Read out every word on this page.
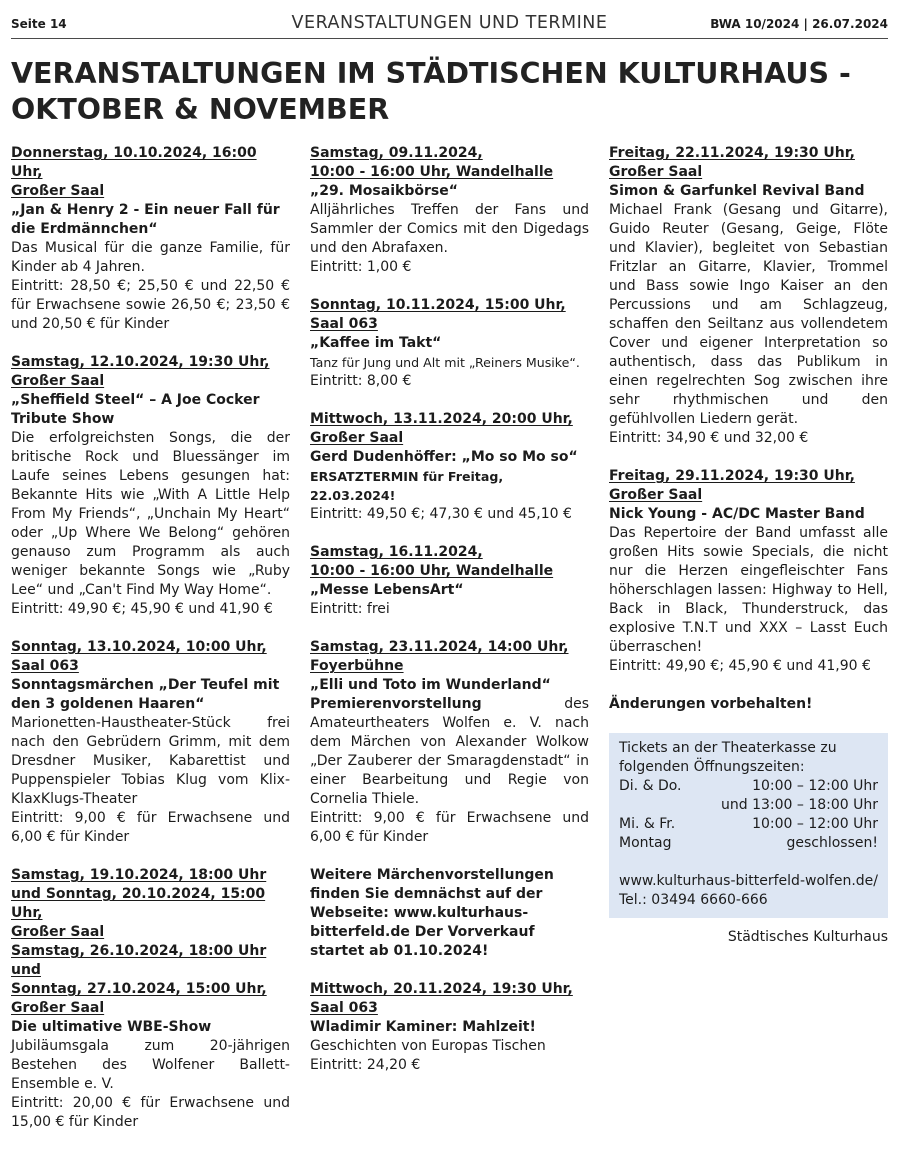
Seite 14	VERANSTALTUNGEN UND TERMINE	BWA 10/2024 | 26.07.2024
VERANSTALTUNGEN IM STÄDTISCHEN KULTURHAUS -
OKTOBER & NOVEMBER
Donnerstag, 10.10.2024, 16:00 Uhr,
Großer Saal
„Jan & Henry 2 - Ein neuer Fall für die Erdmännchen“
Das Musical für die ganze Familie, für Kinder ab 4 Jahren.
Eintritt: 28,50 €; 25,50 € und 22,50 € für Erwachsene sowie 26,50 €; 23,50 € und 20,50 € für Kinder
Samstag, 12.10.2024, 19:30 Uhr,
Großer Saal
„Sheffield Steel“ – A Joe Cocker Tribute Show
Die erfolgreichsten Songs, die der britische Rock und Bluessänger im Laufe seines Lebens gesungen hat: Bekannte Hits wie „With A Little Help From My Friends“, „Unchain My Heart“ oder „Up Where We Belong“ gehören genauso zum Programm als auch weniger bekannte Songs wie „Ruby Lee“ und „Can't Find My Way Home“.
Eintritt: 49,90 €; 45,90 € und 41,90 €
Sonntag, 13.10.2024, 10:00 Uhr,
Saal 063
Sonntagsmärchen „Der Teufel mit den 3 goldenen Haaren“
Marionetten-Haustheater-Stück frei nach den Gebrüdern Grimm, mit dem Dresdner Musiker, Kabarettist und Puppenspieler Tobias Klug vom Klix-KlaxKlugs-Theater
Eintritt: 9,00 € für Erwachsene und 6,00 € für Kinder
Samstag, 19.10.2024, 18:00 Uhr
und Sonntag, 20.10.2024, 15:00 Uhr,
Großer Saal
Samstag, 26.10.2024, 18:00 Uhr und
Sonntag, 27.10.2024, 15:00 Uhr,
Großer Saal
Die ultimative WBE-Show
Jubiläumsgala zum 20-jährigen Bestehen des Wolfener Ballett-Ensemble e. V.
Eintritt: 20,00 € für Erwachsene und 15,00 € für Kinder
Samstag, 09.11.2024,
10:00 - 16:00 Uhr, Wandelhalle
„29. Mosaikbörse“
Alljährliches Treffen der Fans und Sammler der Comics mit den Digedags und den Abrafaxen.
Eintritt: 1,00 €
Sonntag, 10.11.2024, 15:00 Uhr,
Saal 063
„Kaffee im Takt“
Tanz für Jung und Alt mit „Reiners Musike“.
Eintritt: 8,00 €
Mittwoch, 13.11.2024, 20:00 Uhr,
Großer Saal
Gerd Dudenhöffer: „Mo so Mo so“
ERSATZTERMIN für Freitag, 22.03.2024!
Eintritt: 49,50 €; 47,30 € und 45,10 €
Samstag, 16.11.2024,
10:00 - 16:00 Uhr, Wandelhalle
„Messe LebensArt“
Eintritt: frei
Samstag, 23.11.2024, 14:00 Uhr,
Foyerbühne
„Elli und Toto im Wunderland“
Premierenvorstellung	des Amateurtheaters Wolfen e. V. nach dem Märchen von Alexander Wolkow „Der Zauberer der Smaragdenstadt“ in einer Bearbeitung und Regie von Cornelia Thiele.
Eintritt: 9,00 € für Erwachsene und 6,00 € für Kinder
Weitere Märchenvorstellungen finden Sie demnächst auf der Webseite: www.kulturhaus-bitterfeld.de Der Vorverkauf startet ab 01.10.2024!
Mittwoch, 20.11.2024, 19:30 Uhr,
Saal 063
Wladimir Kaminer: Mahlzeit!
Geschichten von Europas Tischen
Eintritt: 24,20 €
Freitag, 22.11.2024, 19:30 Uhr,
Großer Saal
Simon & Garfunkel Revival Band
Michael Frank (Gesang und Gitarre), Guido Reuter (Gesang, Geige, Flöte und Klavier), begleitet von Sebastian Fritzlar an Gitarre, Klavier, Trommel und Bass sowie Ingo Kaiser an den Percussions und am Schlagzeug, schaffen den Seiltanz aus vollendetem Cover und eigener Interpretation so authentisch, dass das Publikum in einen regelrechten Sog zwischen ihre sehr rhythmischen und den gefühlvollen Liedern gerät.
Eintritt: 34,90 € und 32,00 €
Freitag, 29.11.2024, 19:30 Uhr,
Großer Saal
Nick Young - AC/DC Master Band
Das Repertoire der Band umfasst alle großen Hits sowie Specials, die nicht nur die Herzen eingefleischter Fans höherschlagen lassen: Highway to Hell, Back in Black, Thunderstruck, das explosive T.N.T und XXX – Lasst Euch überraschen!
Eintritt: 49,90 €; 45,90 € und 41,90 €
Änderungen vorbehalten!
Tickets an der Theaterkasse zu folgenden Öffnungszeiten:
Di. & Do.	10:00 – 12:00 Uhr
und 13:00 – 18:00 Uhr
Mi. & Fr.	10:00 – 12:00 Uhr
Montag	geschlossen!
www.kulturhaus-bitterfeld-wolfen.de/
Tel.: 03494 6660-666
Städtisches Kulturhaus
